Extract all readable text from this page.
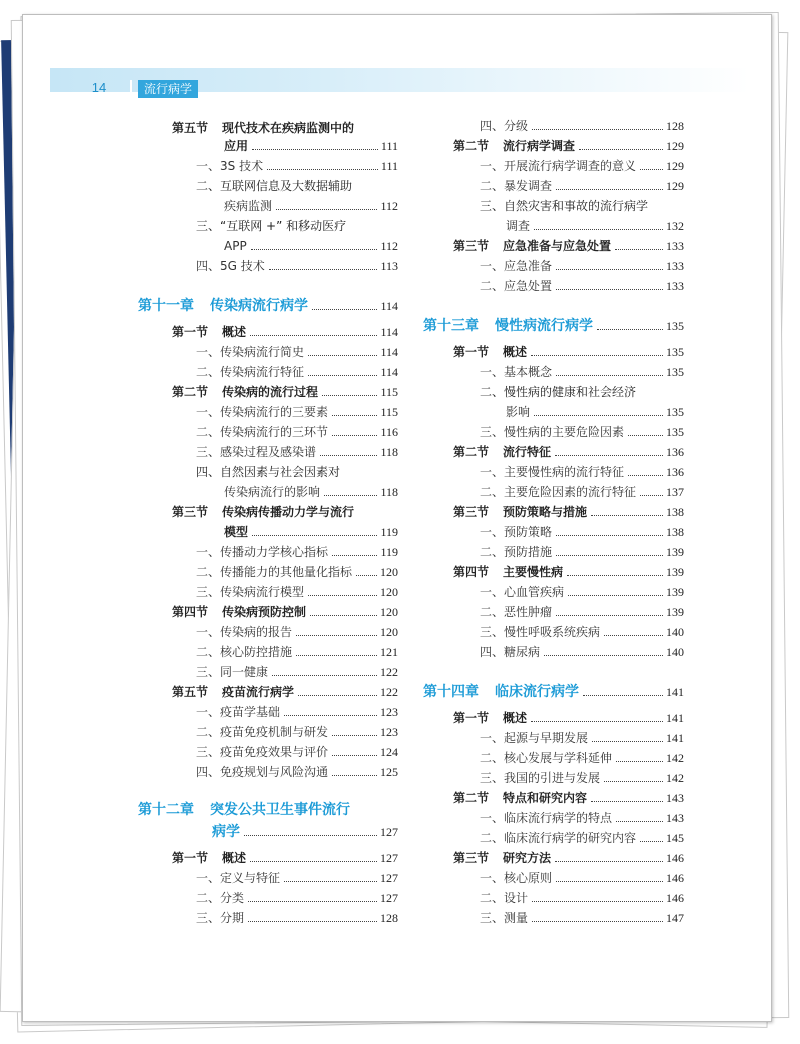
14	流行病学
第五节 现代技术在疾病监测中的
应用	111
一、3S 技术	111
二、互联网信息及大数据辅助
疾病监测	112
三、“互联网 +” 和移动医疗
APP	112
四、5G 技术	113
第十一章 传染病流行病学	114
第一节 概述	114
一、传染病流行简史	114
二、传染病流行特征	114
第二节 传染病的流行过程	115
一、传染病流行的三要素	115
二、传染病流行的三环节	116
三、感染过程及感染谱	118
四、自然因素与社会因素对
传染病流行的影响	118
第三节 传染病传播动力学与流行
模型	119
一、传播动力学核心指标	119
二、传播能力的其他量化指标 120
三、传染病流行模型	120
第四节 传染病预防控制	120
一、传染病的报告	120
二、核心防控措施	121
三、同一健康	122
第五节 疫苗流行病学	122
一、疫苗学基础	123
二、疫苗免疫机制与研发	123
三、疫苗免疫效果与评价	124
四、免疫规划与风险沟通	125
第十二章 突发公共卫生事件流行
病学	127
第一节 概述	127
一、定义与特征	127
二、分类	127
三、分期	128
四、分级	128
第二节 流行病学调查	129
一、开展流行病学调查的意义 129
二、暴发调查	129
三、自然灾害和事故的流行病学
调查	132
第三节 应急准备与应急处置	133
一、应急准备	133
二、应急处置	133
第十三章 慢性病流行病学	135
第一节 概述	135
一、基本概念	135
二、慢性病的健康和社会经济
影响	135
三、慢性病的主要危险因素	135
第二节 流行特征	136
一、主要慢性病的流行特征	136
二、主要危险因素的流行特征 137
第三节 预防策略与措施	138
一、预防策略	138
二、预防措施	139
第四节 主要慢性病	139
一、心血管疾病	139
二、恶性肿瘤	139
三、慢性呼吸系统疾病	140
四、糖尿病	140
第十四章 临床流行病学	141
第一节 概述	141
一、起源与早期发展	141
二、核心发展与学科延伸	142
三、我国的引进与发展	142
第二节 特点和研究内容	143
一、临床流行病学的特点	143
二、临床流行病学的研究内容 145
第三节 研究方法	146
一、核心原则	146
二、设计	146
三、测量	147
